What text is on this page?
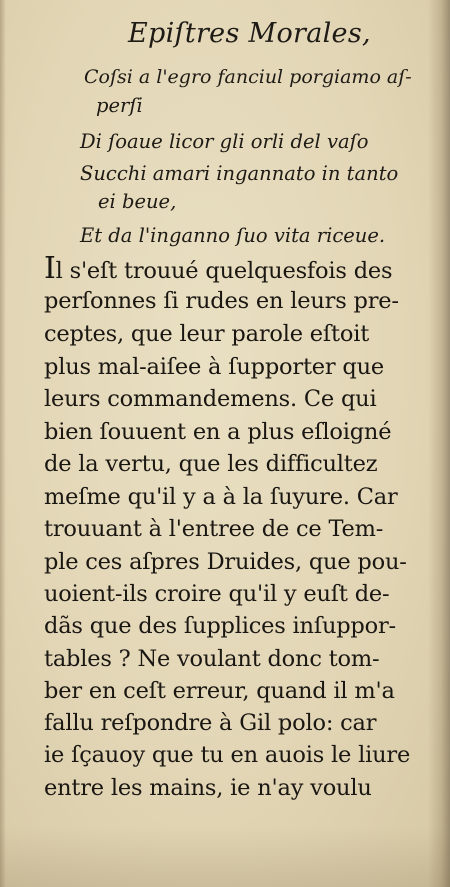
Epiſtres Morales,
Coſsi a l'egro fanciul porgiamo aſ-
perſi
Di ſoaue licor gli orli del vaſo
Succhi amari ingannato in tanto
ei beue,
Et da l'inganno ſuo vita riceue.
Il s'eſt trouué quelquesfois des
perſonnes ſi rudes en leurs pre-
ceptes, que leur parole eſtoit
plus mal-aiſee à ſupporter que
leurs commandemens. Ce qui
bien ſouuent en a plus eſloigné
de la vertu, que les difficultez
meſme qu'il y a à la ſuyure. Car
trouuant à l'entree de ce Tem-
ple ces aſpres Druides, que pou-
uoient-ils croire qu'il y euſt de-
dãs que des ſupplices inſuppor-
tables ? Ne voulant donc tom-
ber en ceſt erreur, quand il m'a
fallu reſpondre à Gil polo: car
ie ſçauoy que tu en auois le liure
entre les mains, ie n'ay voulu
